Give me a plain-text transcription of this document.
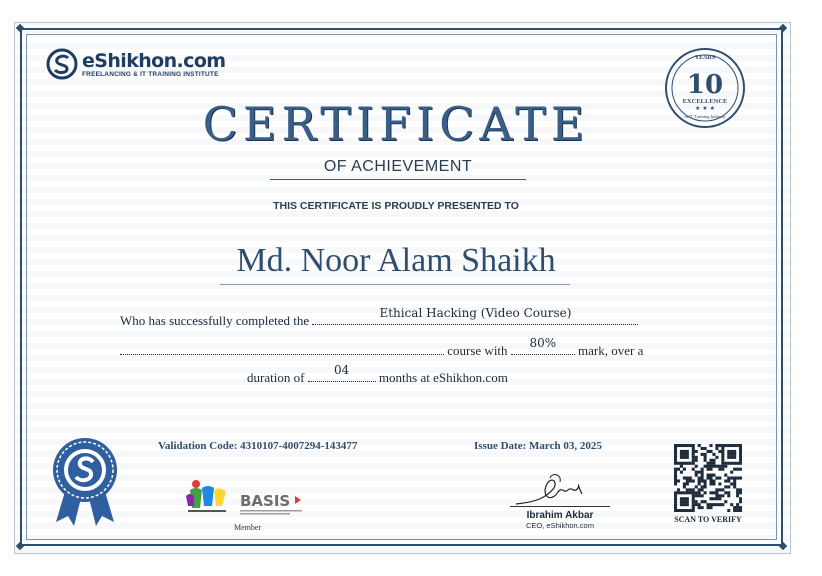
eShikhon.com
FREELANCING & IT TRAINING INSTITUTE
YEARS
10
EXCELLENCE
★ ★ ★
in IT Training Industry
CERTIFICATE
OF ACHIEVEMENT
THIS CERTIFICATE IS PROUDLY PRESENTED TO
Md. Noor Alam Shaikh
Who has successfully completed the	Ethical Hacking (Video Course)
course with	80%	mark, over a
duration of	04	months at eShikhon.com
Validation Code: 4310107-4007294-143477	Issue Date: March 03, 2025
BASIS
Member
Ibrahim Akbar
CEO, eShikhon.com
SCAN TO VERIFY
